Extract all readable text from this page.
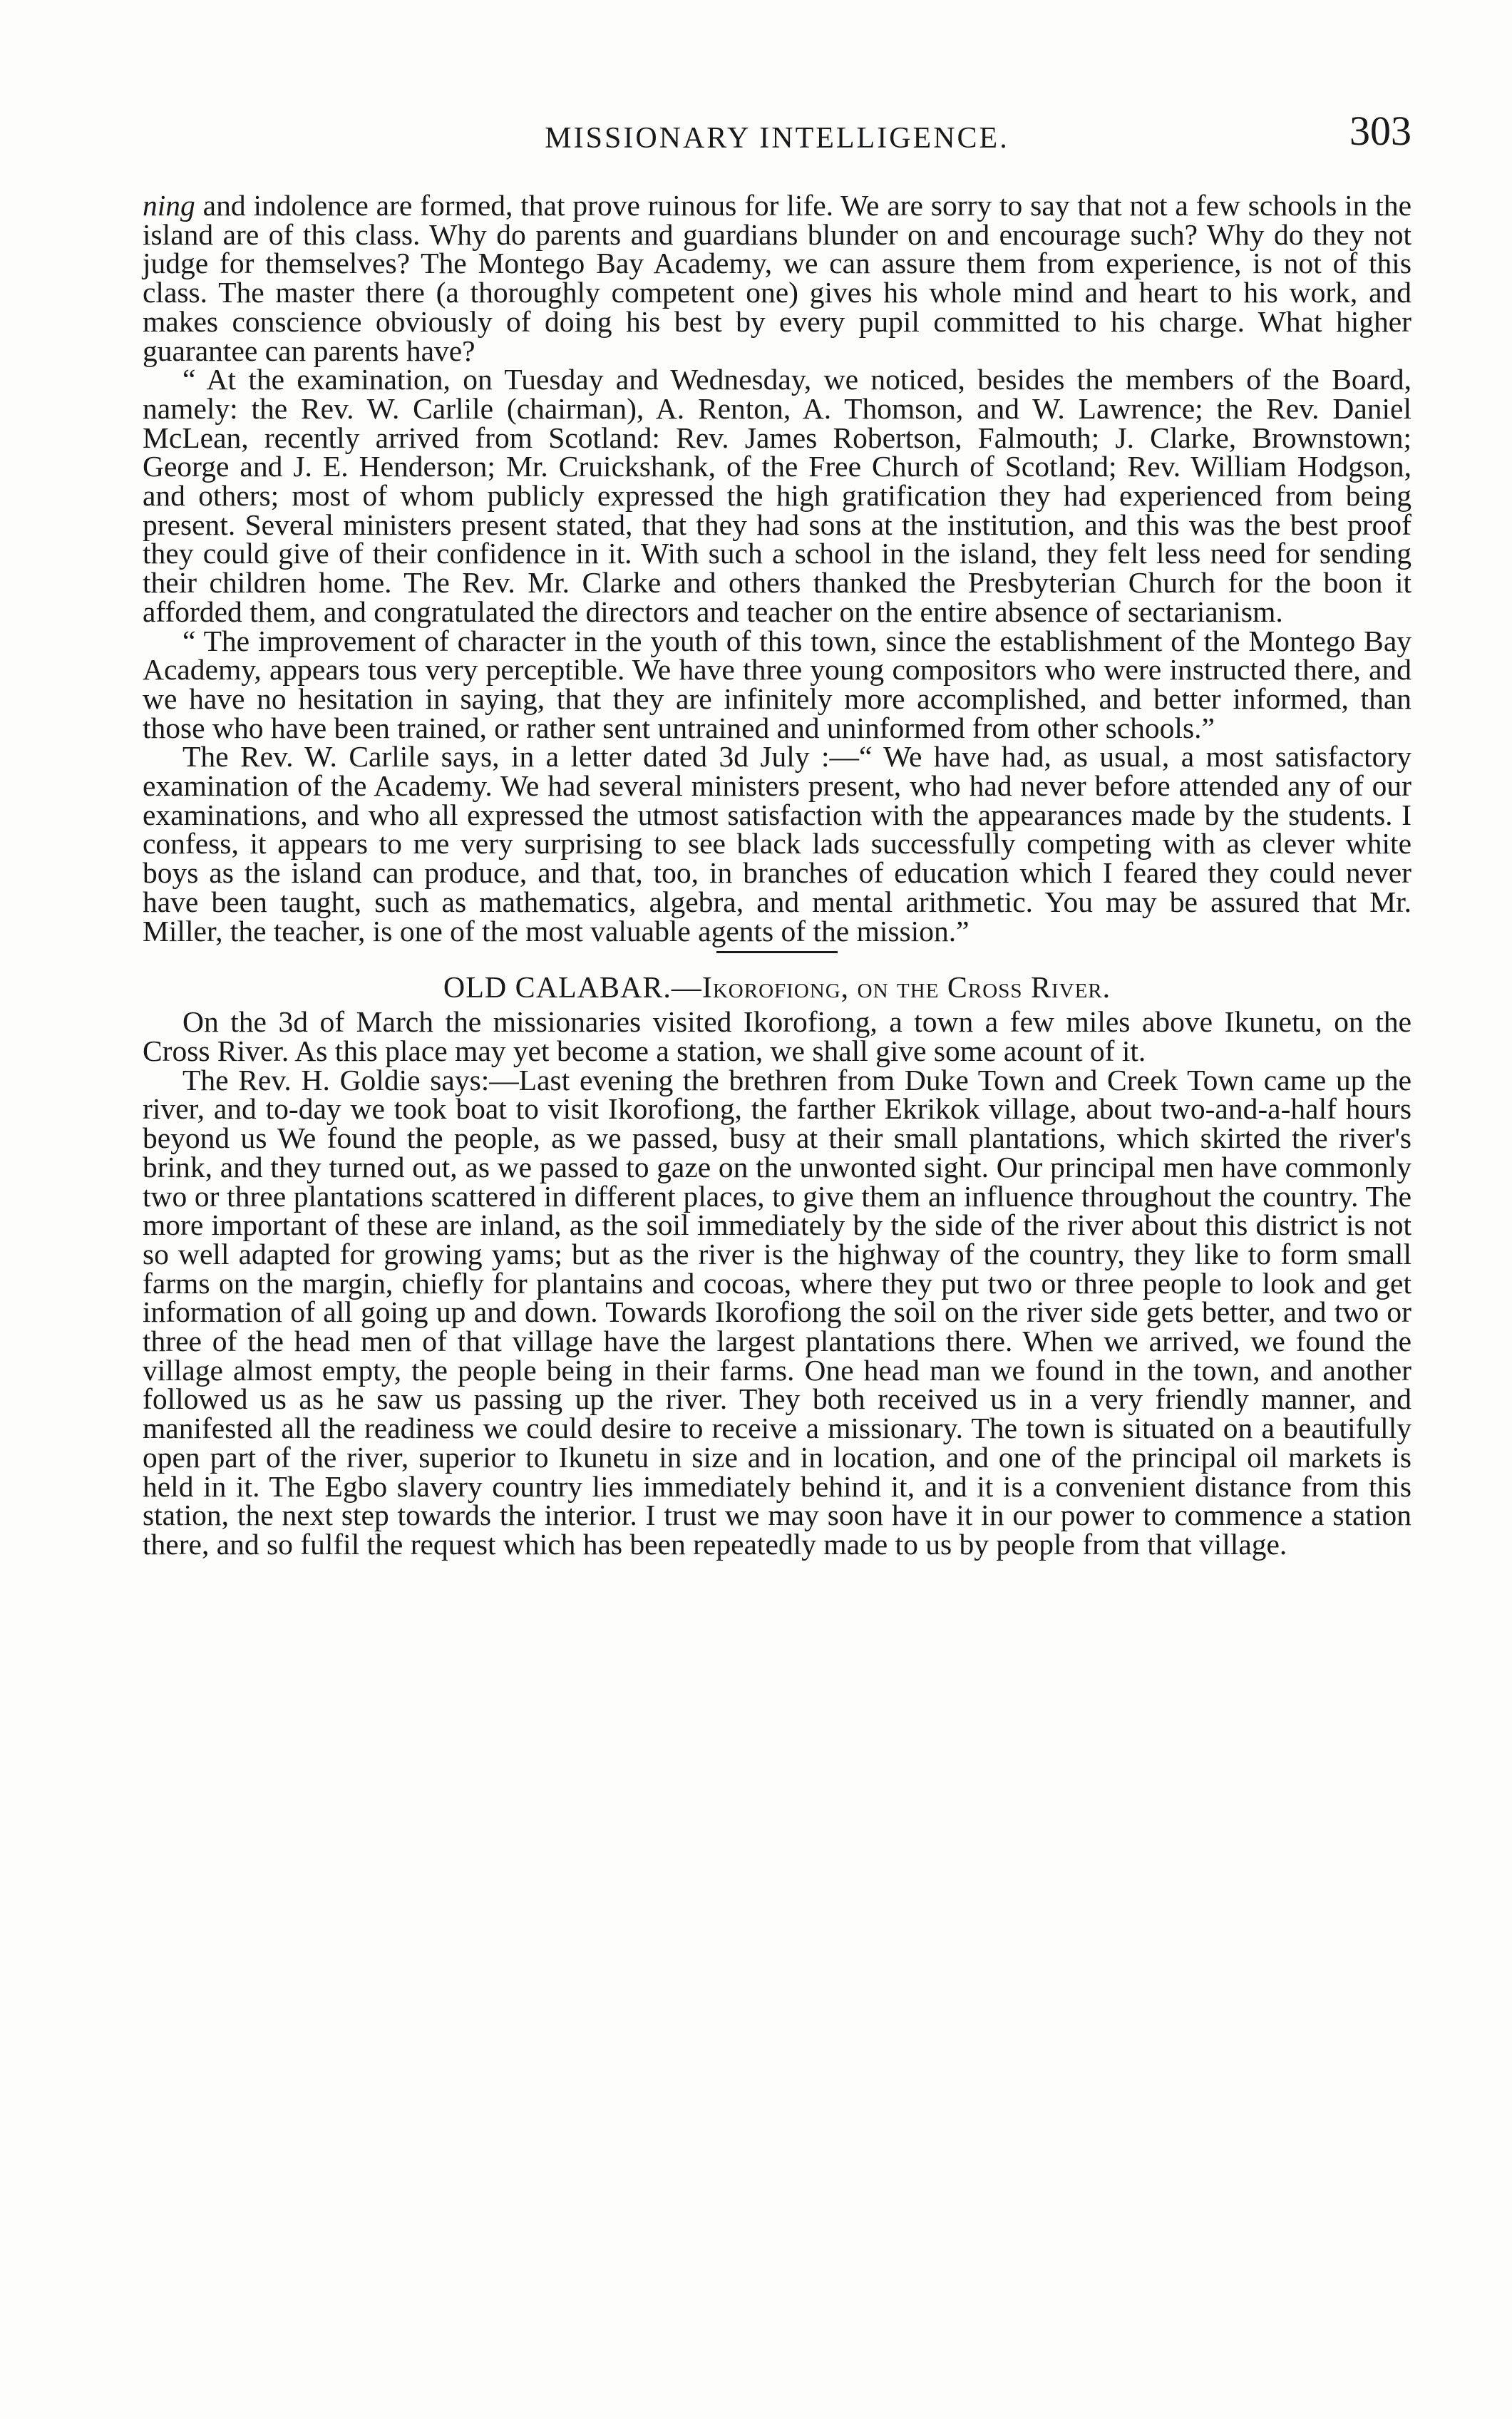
MISSIONARY INTELLIGENCE.	303

ning and indolence are formed, that prove ruinous for life. We are sorry to say that not a few schools in the island are of this class. Why do parents and guardians blunder on and encourage such? Why do they not judge for themselves? The Montego Bay Academy, we can assure them from experience, is not of this class. The master there (a thoroughly competent one) gives his whole mind and heart to his work, and makes conscience obviously of doing his best by every pupil committed to his charge. What higher guarantee can parents have?

“ At the examination, on Tuesday and Wednesday, we noticed, besides the members of the Board, namely: the Rev. W. Carlile (chairman), A. Renton, A. Thomson, and W. Lawrence; the Rev. Daniel McLean, recently arrived from Scotland: Rev. James Robertson, Falmouth; J. Clarke, Brownstown; George and J. E. Henderson; Mr. Cruickshank, of the Free Church of Scotland; Rev. William Hodgson, and others; most of whom publicly expressed the high gratification they had experienced from being present. Several ministers present stated, that they had sons at the institution, and this was the best proof they could give of their confidence in it. With such a school in the island, they felt less need for sending their children home. The Rev. Mr. Clarke and others thanked the Presbyterian Church for the boon it afforded them, and congratulated the directors and teacher on the entire absence of sectarianism.

“ The improvement of character in the youth of this town, since the establishment of the Montego Bay Academy, appears tous very perceptible. We have three young compositors who were instructed there, and we have no hesitation in saying, that they are infinitely more accomplished, and better informed, than those who have been trained, or rather sent untrained and uninformed from other schools.”

The Rev. W. Carlile says, in a letter dated 3d July :—“ We have had, as usual, a most satisfactory examination of the Academy. We had several ministers present, who had never before attended any of our examinations, and who all expressed the utmost satisfaction with the appearances made by the students. I confess, it appears to me very surprising to see black lads successfully competing with as clever white boys as the island can produce, and that, too, in branches of education which I feared they could never have been taught, such as mathematics, algebra, and mental arithmetic. You may be assured that Mr. Miller, the teacher, is one of the most valuable agents of the mission.”

OLD CALABAR.—Ikorofiong, on the Cross River.

On the 3d of March the missionaries visited Ikorofiong, a town a few miles above Ikunetu, on the Cross River. As this place may yet become a station, we shall give some acount of it.

The Rev. H. Goldie says:—Last evening the brethren from Duke Town and Creek Town came up the river, and to-day we took boat to visit Ikorofiong, the farther Ekrikok village, about two-and-a-half hours beyond us We found the people, as we passed, busy at their small plantations, which skirted the river's brink, and they turned out, as we passed to gaze on the unwonted sight. Our principal men have commonly two or three plantations scattered in different places, to give them an influence throughout the country. The more important of these are inland, as the soil immediately by the side of the river about this district is not so well adapted for growing yams; but as the river is the highway of the country, they like to form small farms on the margin, chiefly for plantains and cocoas, where they put two or three people to look and get information of all going up and down. Towards Ikorofiong the soil on the river side gets better, and two or three of the head men of that village have the largest plantations there. When we arrived, we found the village almost empty, the people being in their farms. One head man we found in the town, and another followed us as he saw us passing up the river. They both received us in a very friendly manner, and manifested all the readiness we could desire to receive a missionary. The town is situated on a beautifully open part of the river, superior to Ikunetu in size and in location, and one of the principal oil markets is held in it. The Egbo slavery country lies immediately behind it, and it is a convenient distance from this station, the next step towards the interior. I trust we may soon have it in our power to commence a station there, and so fulfil the request which has been repeatedly made to us by people from that village.
